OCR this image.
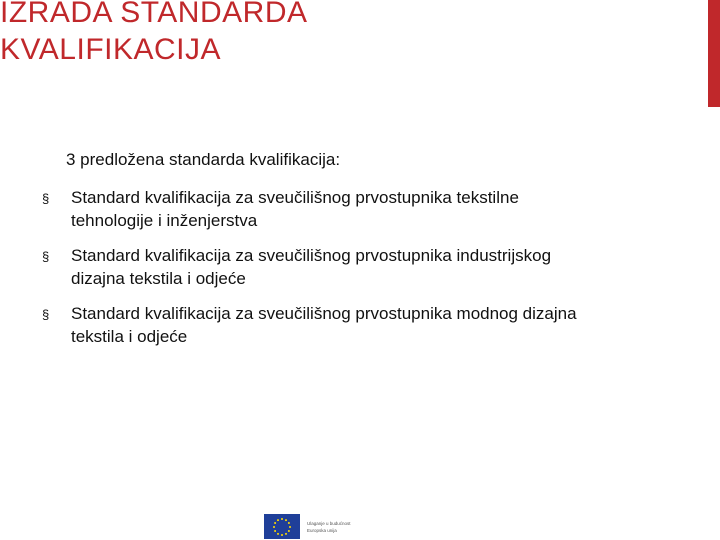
IZRADA STANDARDA
KVALIFIKACIJA

3 predložena standarda kvalifikacija:

§ Standard kvalifikacija za sveučilišnog prvostupnika tekstilne tehnologije i inženjerstva
§ Standard kvalifikacija za sveučilišnog prvostupnika industrijskog dizajna tekstila i odjeće
§ Standard kvalifikacija za sveučilišnog prvostupnika modnog dizajna tekstila i odjeće
Ulaganje u budućnost
Europska unija
